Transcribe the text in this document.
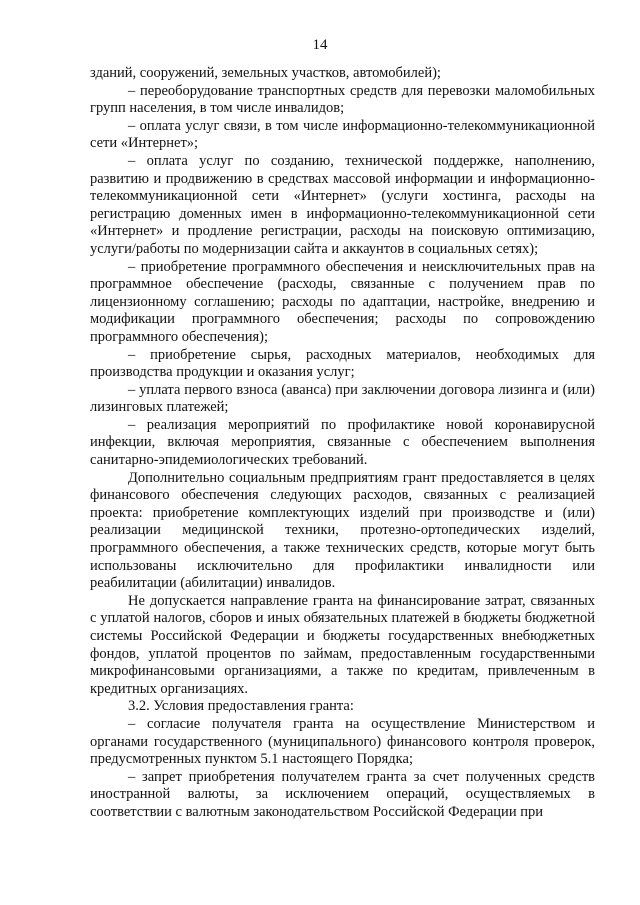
14

зданий, сооружений, земельных участков, автомобилей);

– переоборудование транспортных средств для перевозки маломобильных групп населения, в том числе инвалидов;

– оплата услуг связи, в том числе информационно-телекоммуникационной сети «Интернет»;

– оплата услуг по созданию, технической поддержке, наполнению, развитию и продвижению в средствах массовой информации и информационно-телекоммуникационной сети «Интернет» (услуги хостинга, расходы на регистрацию доменных имен в информационно-телекоммуникационной сети «Интернет» и продление регистрации, расходы на поисковую оптимизацию, услуги/работы по модернизации сайта и аккаунтов в социальных сетях);

– приобретение программного обеспечения и неисключительных прав на программное обеспечение (расходы, связанные с получением прав по лицензионному соглашению; расходы по адаптации, настройке, внедрению и модификации программного обеспечения; расходы по сопровождению программного обеспечения);

– приобретение сырья, расходных материалов, необходимых для производства продукции и оказания услуг;

– уплата первого взноса (аванса) при заключении договора лизинга и (или) лизинговых платежей;

– реализация мероприятий по профилактике новой коронавирусной инфекции, включая мероприятия, связанные с обеспечением выполнения санитарно-эпидемиологических требований.

Дополнительно социальным предприятиям грант предоставляется в целях финансового обеспечения следующих расходов, связанных с реализацией проекта: приобретение комплектующих изделий при производстве и (или) реализации медицинской техники, протезно-ортопедических изделий, программного обеспечения, а также технических средств, которые могут быть использованы исключительно для профилактики инвалидности или реабилитации (абилитации) инвалидов.

Не допускается направление гранта на финансирование затрат, связанных с уплатой налогов, сборов и иных обязательных платежей в бюджеты бюджетной системы Российской Федерации и бюджеты государственных внебюджетных фондов, уплатой процентов по займам, предоставленным государственными микрофинансовыми организациями, а также по кредитам, привлеченным в кредитных организациях.

3.2. Условия предоставления гранта:

– согласие получателя гранта на осуществление Министерством и органами государственного (муниципального) финансового контроля проверок, предусмотренных пунктом 5.1 настоящего Порядка;

– запрет приобретения получателем гранта за счет полученных средств иностранной валюты, за исключением операций, осуществляемых в соответствии с валютным законодательством Российской Федерации при
